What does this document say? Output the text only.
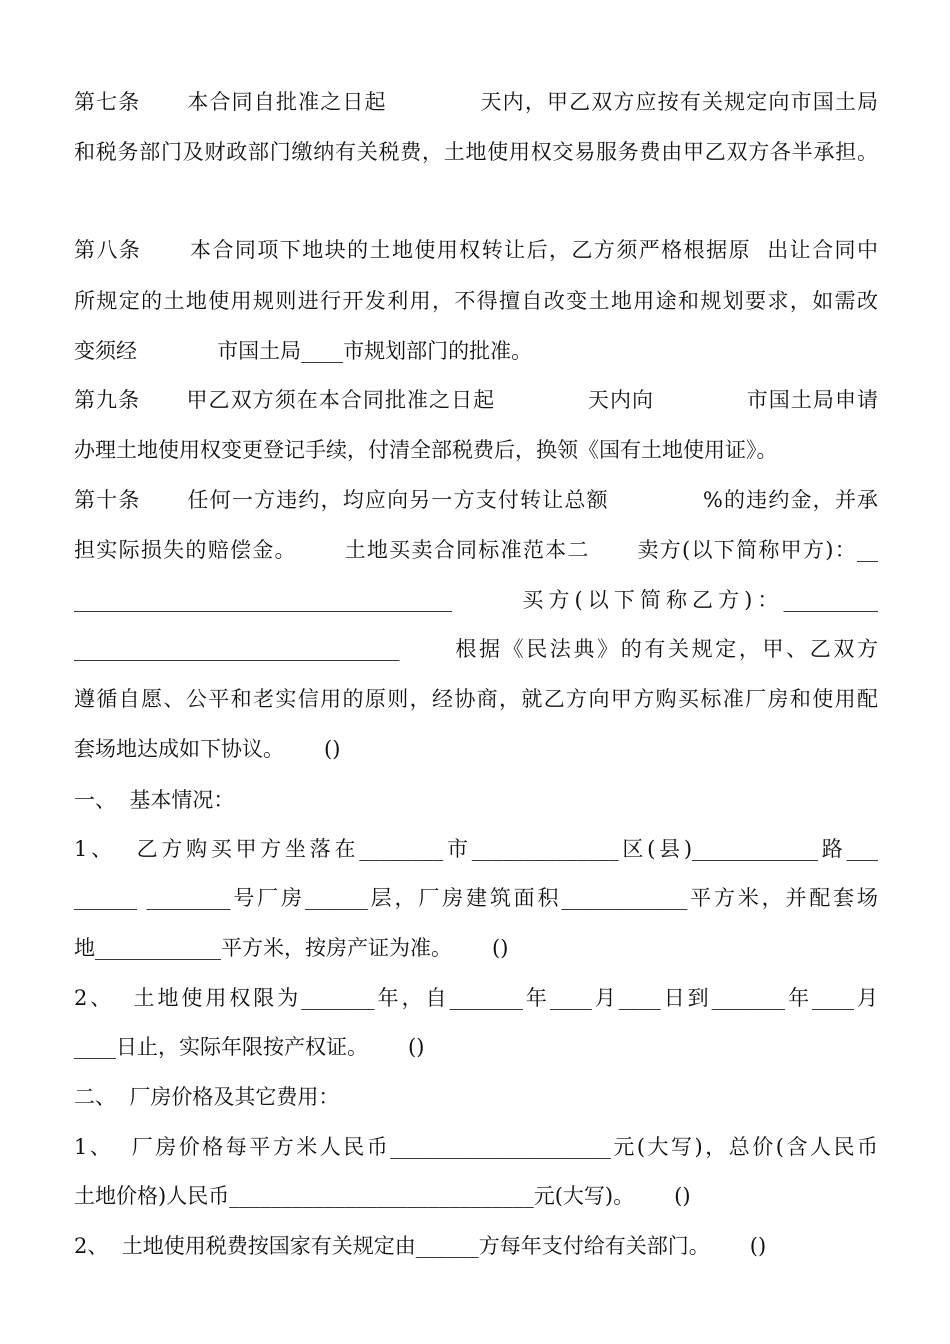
第七条      本合同自批准之日起            天内，甲乙双方应按有关规定向市国土局
和税务部门及财政部门缴纳有关税费，土地使用权交易服务费由甲乙双方各半承担。
第八条      本合同项下地块的土地使用权转让后，乙方须严格根据原  出让合同中
所规定的土地使用规则进行开发利用，不得擅自改变土地用途和规划要求，如需改
变须经            市国土局____市规划部门的批准。
第九条      甲乙双方须在本合同批准之日起            天内向            市国土局申请
办理土地使用权变更登记手续，付清全部税费后，换领《国有土地使用证》。
第十条      任何一方违约，均应向另一方支付转让总额            %的违约金，并承
担实际损失的赔偿金。      土地买卖合同标准范本二      卖方(以下简称甲方)：__
____________________________________      买方(以下简称乙方)：_________
_______________________________      根据《民法典》的有关规定，甲、乙双方
遵循自愿、公平和老实信用的原则，经协商，就乙方向甲方购买标准厂房和使用配
套场地达成如下协议。      ()
一、  基本情况：
1、  乙方购买甲方坐落在________市______________区(县)____________路___
______ ________号厂房______层，厂房建筑面积____________平方米，并配套场
地____________平方米，按房产证为准。      ()
2、  土地使用权限为_______年，自_______年____月____日到_______年____月
____日止，实际年限按产权证。      ()
二、  厂房价格及其它费用：
1、  厂房价格每平方米人民币_____________________元(大写)，总价(含人民币
土地价格)人民币_____________________________元(大写)。      ()
2、  土地使用税费按国家有关规定由______方每年支付给有关部门。      ()
